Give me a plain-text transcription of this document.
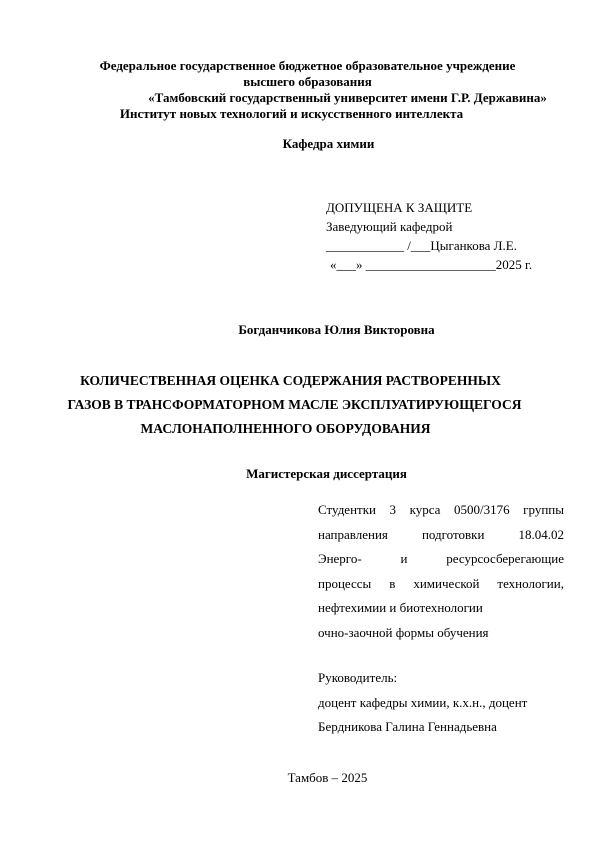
Федеральное государственное бюджетное образовательное учреждение
высшего образования
«Тамбовский государственный университет имени Г.Р. Державина»
Институт новых технологий и искусственного интеллекта
Кафедра химии
ДОПУЩЕНА К ЗАЩИТЕ
Заведующий кафедрой
____________ /___Цыганкова Л.Е.
«___» ____________________2025 г.
Богданчикова Юлия Викторовна
КОЛИЧЕСТВЕННАЯ ОЦЕНКА СОДЕРЖАНИЯ РАСТВОРЕННЫХ
ГАЗОВ В ТРАНСФОРМАТОРНОМ МАСЛЕ ЭКСПЛУАТИРУЮЩЕГОСЯ
МАСЛОНАПОЛНЕННОГО ОБОРУДОВАНИЯ
Магистерская диссертация
Студентки 3 курса 0500/3176 группы
направления	подготовки	18.04.02
Энерго-	и	ресурсосберегающие
процессы в химической технологии,
нефтехимии и биотехнологии
очно-заочной формы обучения
Руководитель:
доцент кафедры химии, к.х.н., доцент
Бердникова Галина Геннадьевна
Тамбов – 2025
